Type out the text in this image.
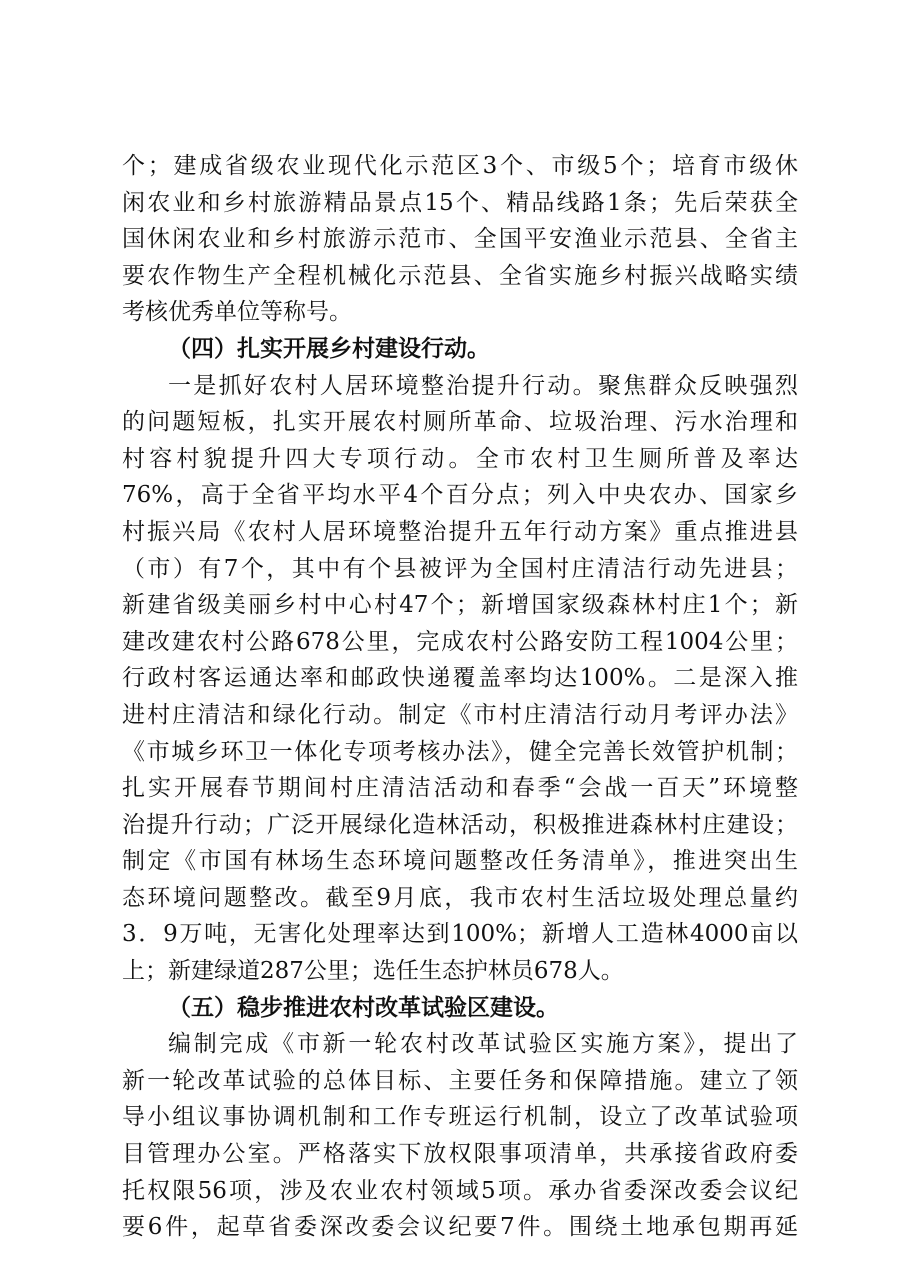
个；建成省级农业现代化示范区3个、市级5个；培育市级休
闲农业和乡村旅游精品景点15个、精品线路1条；先后荣获全
国休闲农业和乡村旅游示范市、全国平安渔业示范县、全省主
要农作物生产全程机械化示范县、全省实施乡村振兴战略实绩
考核优秀单位等称号。
（四）扎实开展乡村建设行动。
一是抓好农村人居环境整治提升行动。聚焦群众反映强烈
的问题短板，扎实开展农村厕所革命、垃圾治理、污水治理和
村容村貌提升四大专项行动。全市农村卫生厕所普及率达
76%，高于全省平均水平4个百分点；列入中央农办、国家乡
村振兴局《农村人居环境整治提升五年行动方案》重点推进县
（市）有7个，其中有个县被评为全国村庄清洁行动先进县；
新建省级美丽乡村中心村47个；新增国家级森林村庄1个；新
建改建农村公路678公里，完成农村公路安防工程1004公里；
行政村客运通达率和邮政快递覆盖率均达100%。二是深入推
进村庄清洁和绿化行动。制定《市村庄清洁行动月考评办法》
《市城乡环卫一体化专项考核办法》，健全完善长效管护机制；
扎实开展春节期间村庄清洁活动和春季“会战一百天”环境整
治提升行动；广泛开展绿化造林活动，积极推进森林村庄建设；
制定《市国有林场生态环境问题整改任务清单》，推进突出生
态环境问题整改。截至9月底，我市农村生活垃圾处理总量约
3．9万吨，无害化处理率达到100%；新增人工造林4000亩以
上；新建绿道287公里；选任生态护林员678人。
（五）稳步推进农村改革试验区建设。
编制完成《市新一轮农村改革试验区实施方案》，提出了
新一轮改革试验的总体目标、主要任务和保障措施。建立了领
导小组议事协调机制和工作专班运行机制，设立了改革试验项
目管理办公室。严格落实下放权限事项清单，共承接省政府委
托权限56项，涉及农业农村领域5项。承办省委深改委会议纪
要6件，起草省委深改委会议纪要7件。围绕土地承包期再延
